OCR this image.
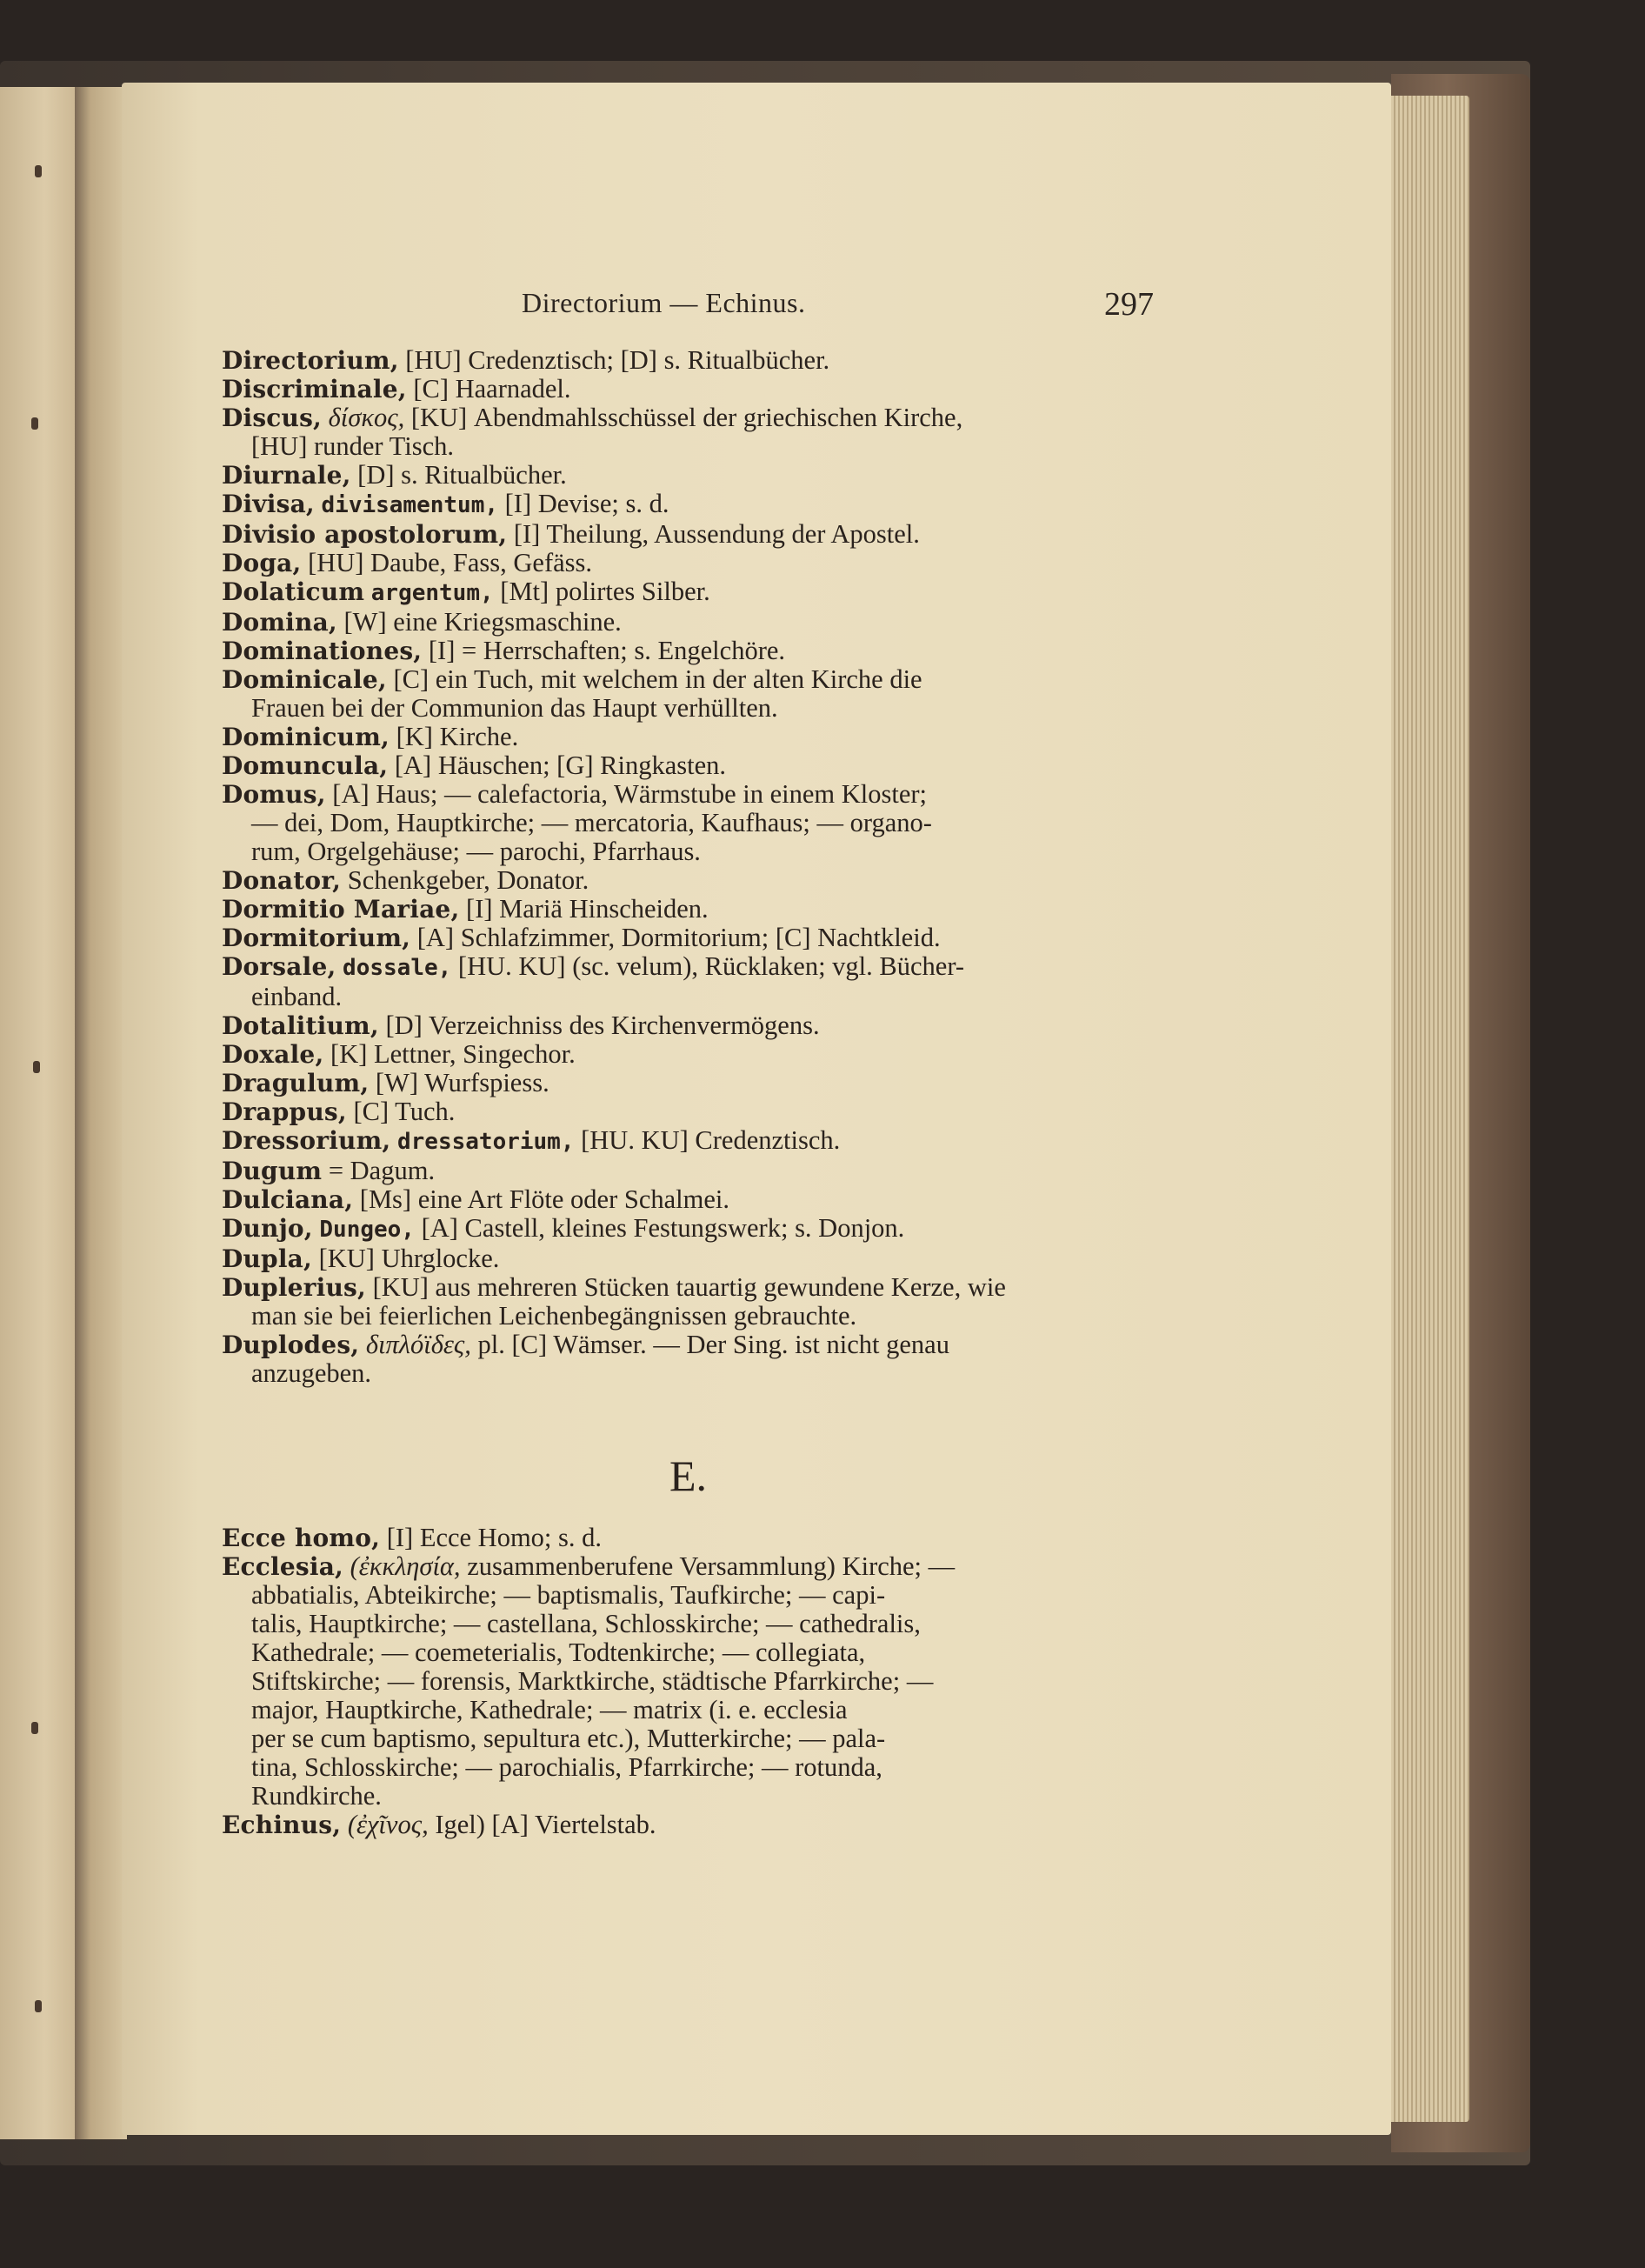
Directorium — Echinus.	297
Directorium, [HU] Credenztisch; [D] s. Ritualbücher.
Discriminale, [C] Haarnadel.
Discus, δίσκος, [KU] Abendmahlsschüssel der griechischen Kirche,
[HU] runder Tisch.
Diurnale, [D] s. Ritualbücher.
Divisa, divisamentum, [I] Devise; s. d.
Divisio apostolorum, [I] Theilung, Aussendung der Apostel.
Doga, [HU] Daube, Fass, Gefäss.
Dolaticum argentum, [Mt] polirtes Silber.
Domina, [W] eine Kriegsmaschine.
Dominationes, [I] = Herrschaften; s. Engelchöre.
Dominicale, [C] ein Tuch, mit welchem in der alten Kirche die
Frauen bei der Communion das Haupt verhüllten.
Dominicum, [K] Kirche.
Domuncula, [A] Häuschen; [G] Ringkasten.
Domus, [A] Haus; — calefactoria, Wärmstube in einem Kloster;
— dei, Dom, Hauptkirche; — mercatoria, Kaufhaus; — organo-
rum, Orgelgehäuse; — parochi, Pfarrhaus.
Donator, Schenkgeber, Donator.
Dormitio Mariae, [I] Mariä Hinscheiden.
Dormitorium, [A] Schlafzimmer, Dormitorium; [C] Nachtkleid.
Dorsale, dossale, [HU. KU] (sc. velum), Rücklaken; vgl. Bücher-
einband.
Dotalitium, [D] Verzeichniss des Kirchenvermögens.
Doxale, [K] Lettner, Singechor.
Dragulum, [W] Wurfspiess.
Drappus, [C] Tuch.
Dressorium, dressatorium, [HU. KU] Credenztisch.
Dugum = Dagum.
Dulciana, [Ms] eine Art Flöte oder Schalmei.
Dunjo, Dungeo, [A] Castell, kleines Festungswerk; s. Donjon.
Dupla, [KU] Uhrglocke.
Duplerius, [KU] aus mehreren Stücken tauartig gewundene Kerze, wie
man sie bei feierlichen Leichenbegängnissen gebrauchte.
Duplodes, διπλόϊδες, pl. [C] Wämser. — Der Sing. ist nicht genau
anzugeben.
E.
Ecce homo, [I] Ecce Homo; s. d.
Ecclesia, (ἐκκλησία, zusammenberufene Versammlung) Kirche; —
abbatialis, Abteikirche; — baptismalis, Taufkirche; — capi-
talis, Hauptkirche; — castellana, Schlosskirche; — cathedralis,
Kathedrale; — coemeterialis, Todtenkirche; — collegiata,
Stiftskirche; — forensis, Marktkirche, städtische Pfarrkirche; —
major, Hauptkirche, Kathedrale; — matrix (i. e. ecclesia
per se cum baptismo, sepultura etc.), Mutterkirche; — pala-
tina, Schlosskirche; — parochialis, Pfarrkirche; — rotunda,
Rundkirche.
Echinus, (ἐχῖνος, Igel) [A] Viertelstab.
